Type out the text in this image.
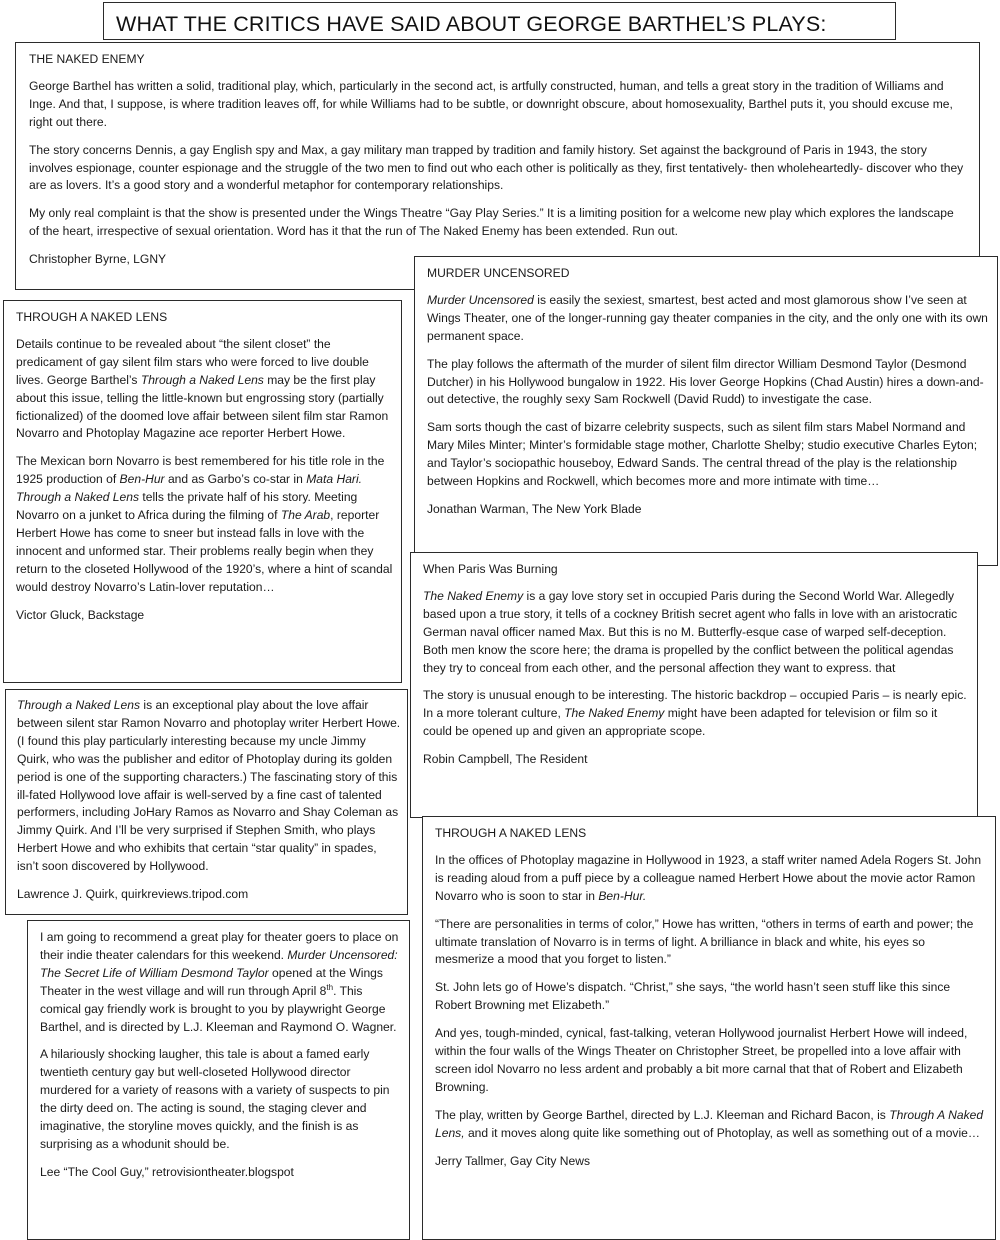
WHAT THE CRITICS HAVE SAID ABOUT GEORGE BARTHEL’S PLAYS:
THE NAKED ENEMY

George Barthel has written a solid, traditional play, which, particularly in the second act, is artfully constructed, human, and tells a great story in the tradition of Williams and Inge. And that, I suppose, is where tradition leaves off, for while Williams had to be subtle, or downright obscure, about homosexuality, Barthel puts it, you should excuse me, right out there.

The story concerns Dennis, a gay English spy and Max, a gay military man trapped by tradition and family history. Set against the background of Paris in 1943, the story involves espionage, counter espionage and the struggle of the two men to find out who each other is politically as they, first tentatively- then wholeheartedly- discover who they are as lovers. It’s a good story and a wonderful metaphor for contemporary relationships.

My only real complaint is that the show is presented under the Wings Theatre “Gay Play Series.” It is a limiting position for a welcome new play which explores the landscape of the heart, irrespective of sexual orientation. Word has it that the run of The Naked Enemy has been extended. Run out.

Christopher Byrne, LGNY
THROUGH A NAKED LENS

Details continue to be revealed about “the silent closet” the predicament of gay silent film stars who were forced to live double lives. George Barthel’s Through a Naked Lens may be the first play about this issue, telling the little-known but engrossing story (partially fictionalized) of the doomed love affair between silent film star Ramon Novarro and Photoplay Magazine ace reporter Herbert Howe.

The Mexican born Novarro is best remembered for his title role in the 1925 production of Ben-Hur and as Garbo’s co-star in Mata Hari. Through a Naked Lens tells the private half of his story. Meeting Novarro on a junket to Africa during the filming of The Arab, reporter Herbert Howe has come to sneer but instead falls in love with the innocent and unformed star. Their problems really begin when they return to the closeted Hollywood of the 1920’s, where a hint of scandal would destroy Novarro’s Latin-lover reputation…

Victor Gluck, Backstage

Through a Naked Lens is an exceptional play about the love affair between silent star Ramon Novarro and photoplay writer Herbert Howe. (I found this play particularly interesting because my uncle Jimmy Quirk, who was the publisher and editor of Photoplay during its golden period is one of the supporting characters.) The fascinating story of this ill-fated Hollywood love affair is well-served by a fine cast of talented performers, including JoHary Ramos as Novarro and Shay Coleman as Jimmy Quirk. And I’ll be very surprised if Stephen Smith, who plays Herbert Howe and who exhibits that certain “star quality” in spades, isn’t soon discovered by Hollywood.

Lawrence J. Quirk, quirkreviews.tripod.com

I am going to recommend a great play for theater goers to place on their indie theater calendars for this weekend. Murder Uncensored: The Secret Life of William Desmond Taylor opened at the Wings Theater in the west village and will run through April 8th. This comical gay friendly work is brought to you by playwright George Barthel, and is directed by L.J. Kleeman and Raymond O. Wagner.

A hilariously shocking laugher, this tale is about a famed early twentieth century gay but well-closeted Hollywood director murdered for a variety of reasons with a variety of suspects to pin the dirty deed on. The acting is sound, the staging clever and imaginative, the storyline moves quickly, and the finish is as surprising as a whodunit should be.

Lee “The Cool Guy,” retrovisiontheater.blogspot
MURDER UNCENSORED

Murder Uncensored is easily the sexiest, smartest, best acted and most glamorous show I’ve seen at Wings Theater, one of the longer-running gay theater companies in the city, and the only one with its own permanent space.

The play follows the aftermath of the murder of silent film director William Desmond Taylor (Desmond Dutcher) in his Hollywood bungalow in 1922. His lover George Hopkins (Chad Austin) hires a down-and-out detective, the roughly sexy Sam Rockwell (David Rudd) to investigate the case.

Sam sorts though the cast of bizarre celebrity suspects, such as silent film stars Mabel Normand and Mary Miles Minter; Minter’s formidable stage mother, Charlotte Shelby; studio executive Charles Eyton; and Taylor’s sociopathic houseboy, Edward Sands. The central thread of the play is the relationship between Hopkins and Rockwell, which becomes more and more intimate with time…

Jonathan Warman, The New York Blade
When Paris Was Burning

The Naked Enemy is a gay love story set in occupied Paris during the Second World War. Allegedly based upon a true story, it tells of a cockney British secret agent who falls in love with an aristocratic German naval officer named Max. But this is no M. Butterfly-esque case of warped self-deception. Both men know the score here; the drama is propelled by the conflict between the political agendas they try to conceal from each other, and the personal affection they want to express. that

The story is unusual enough to be interesting. The historic backdrop – occupied Paris – is nearly epic. In a more tolerant culture, The Naked Enemy might have been adapted for television or film so it could be opened up and given an appropriate scope.

Robin Campbell, The Resident
THROUGH A NAKED LENS

In the offices of Photoplay magazine in Hollywood in 1923, a staff writer named Adela Rogers St. John is reading aloud from a puff piece by a colleague named Herbert Howe about the movie actor Ramon Novarro who is soon to star in Ben-Hur.

“There are personalities in terms of color,” Howe has written, “others in terms of earth and power; the ultimate translation of Novarro is in terms of light. A brilliance in black and white, his eyes so mesmerize a mood that you forget to listen.”

St. John lets go of Howe’s dispatch. “Christ,” she says, “the world hasn’t seen stuff like this since Robert Browning met Elizabeth.”

And yes, tough-minded, cynical, fast-talking, veteran Hollywood journalist Herbert Howe will indeed, within the four walls of the Wings Theater on Christopher Street, be propelled into a love affair with screen idol Novarro no less ardent and probably a bit more carnal that that of Robert and Elizabeth Browning.

The play, written by George Barthel, directed by L.J. Kleeman and Richard Bacon, is Through A Naked Lens, and it moves along quite like something out of Photoplay, as well as something out of a movie…

Jerry Tallmer, Gay City News
